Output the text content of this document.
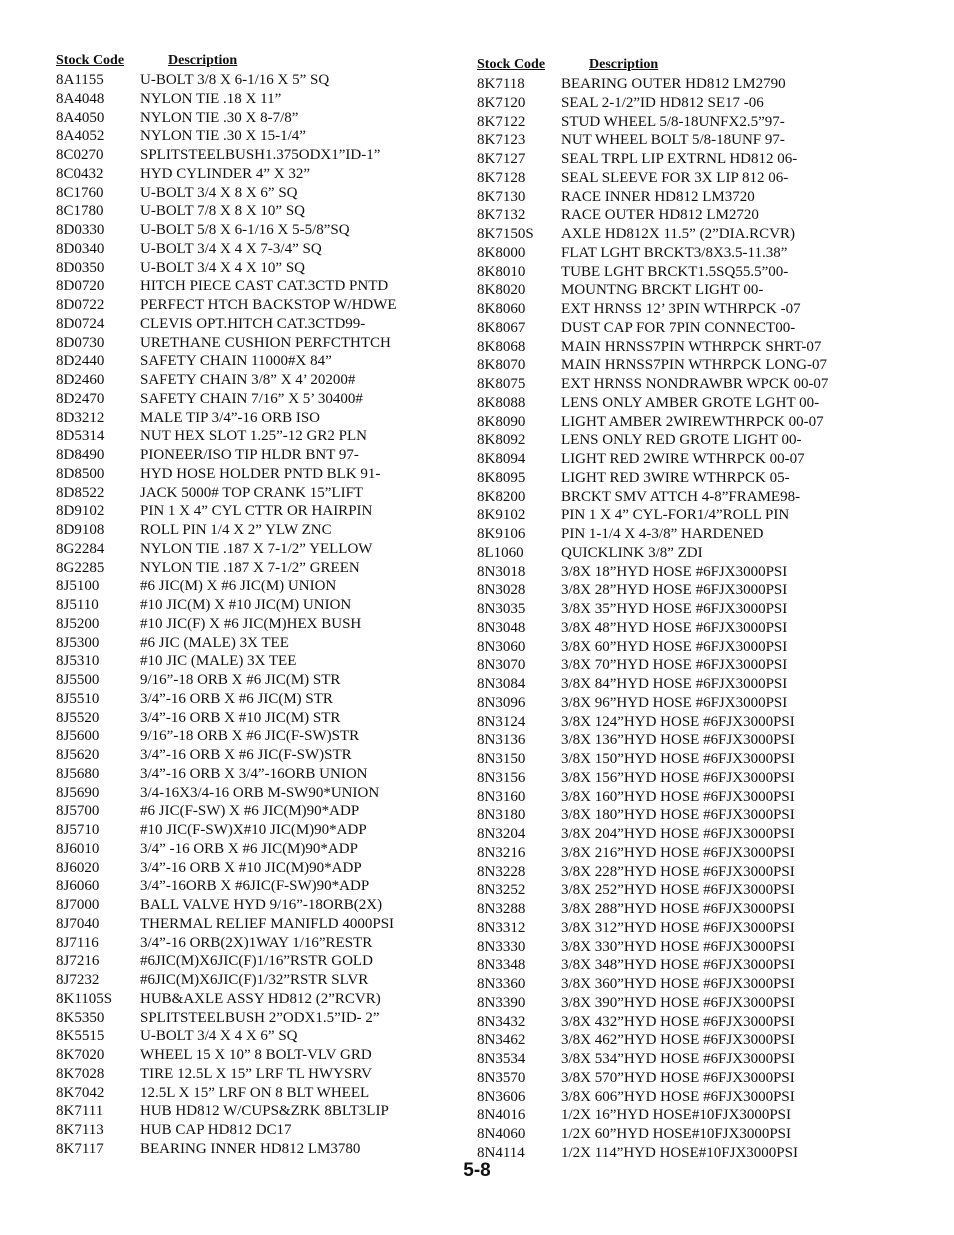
Stock Code	Description
8A1155 U-BOLT 3/8 X 6-1/16 X 5” SQ
8A4048 NYLON TIE .18 X 11”
8A4050 NYLON TIE .30 X 8-7/8”
8A4052 NYLON TIE .30 X 15-1/4”
8C0270 SPLITSTEELBUSH1.375ODX1”ID-1”
8C0432 HYD CYLINDER 4” X 32”
8C1760 U-BOLT 3/4 X 8 X 6” SQ
8C1780 U-BOLT 7/8 X 8 X 10” SQ
8D0330 U-BOLT 5/8 X 6-1/16 X 5-5/8”SQ
8D0340 U-BOLT 3/4 X 4 X 7-3/4” SQ
8D0350 U-BOLT 3/4 X 4 X 10” SQ
8D0720 HITCH PIECE CAST CAT.3CTD PNTD
8D0722 PERFECT HTCH BACKSTOP W/HDWE
8D0724 CLEVIS OPT.HITCH CAT.3CTD99-
8D0730 URETHANE CUSHION PERFCTHTCH
8D2440 SAFETY CHAIN 11000#X 84”
8D2460 SAFETY CHAIN 3/8” X 4’ 20200#
8D2470 SAFETY CHAIN 7/16” X 5’ 30400#
8D3212 MALE TIP 3/4”-16 ORB ISO
8D5314 NUT HEX SLOT 1.25”-12 GR2 PLN
8D8490 PIONEER/ISO TIP HLDR BNT 97-
8D8500 HYD HOSE HOLDER PNTD BLK 91-
8D8522 JACK 5000# TOP CRANK 15”LIFT
8D9102 PIN 1 X 4” CYL CTTR OR HAIRPIN
8D9108 ROLL PIN 1/4 X 2” YLW ZNC
8G2284 NYLON TIE .187 X 7-1/2” YELLOW
8G2285 NYLON TIE .187 X 7-1/2” GREEN
8J5100	#6 JIC(M) X #6 JIC(M) UNION
8J5110	#10 JIC(M) X #10 JIC(M) UNION
8J5200	#10 JIC(F) X #6 JIC(M)HEX BUSH
8J5300	#6 JIC (MALE) 3X TEE
8J5310	#10 JIC (MALE) 3X TEE
8J5500	9/16”-18 ORB X #6 JIC(M) STR
8J5510	3/4”-16 ORB X #6 JIC(M) STR
8J5520	3/4”-16 ORB X #10 JIC(M) STR
8J5600	9/16”-18 ORB X #6 JIC(F-SW)STR
8J5620	3/4”-16 ORB X #6 JIC(F-SW)STR
8J5680	3/4”-16 ORB X 3/4”-16ORB UNION
8J5690	3/4-16X3/4-16 ORB M-SW90*UNION
8J5700	#6 JIC(F-SW) X #6 JIC(M)90*ADP
8J5710	#10 JIC(F-SW)X#10 JIC(M)90*ADP
8J6010	3/4” -16 ORB X #6 JIC(M)90*ADP
8J6020	3/4”-16 ORB X #10 JIC(M)90*ADP
8J6060	3/4”-16ORB X #6JIC(F-SW)90*ADP
8J7000	BALL VALVE HYD 9/16”-18ORB(2X)
8J7040	THERMAL RELIEF MANIFLD 4000PSI
8J7116	3/4”-16 ORB(2X)1WAY 1/16”RESTR
8J7216	#6JIC(M)X6JIC(F)1/16”RSTR GOLD
8J7232	#6JIC(M)X6JIC(F)1/32”RSTR SLVR
8K1105S HUB&AXLE ASSY HD812 (2”RCVR)
8K5350 SPLITSTEELBUSH 2”ODX1.5”ID- 2”
8K5515 U-BOLT 3/4 X 4 X 6” SQ
8K7020 WHEEL 15 X 10” 8 BOLT-VLV GRD
8K7028 TIRE 12.5L X 15” LRF TL HWYSRV
8K7042 12.5L X 15” LRF ON 8 BLT WHEEL
8K7111 HUB HD812 W/CUPS&ZRK 8BLT3LIP
8K7113 HUB CAP HD812 DC17
8K7117 BEARING INNER HD812 LM3780
Stock Code	Description
8K7118 BEARING OUTER HD812 LM2790
8K7120 SEAL 2-1/2”ID HD812 SE17 -06
8K7122 STUD WHEEL 5/8-18UNFX2.5”97-
8K7123 NUT WHEEL BOLT 5/8-18UNF 97-
8K7127 SEAL TRPL LIP EXTRNL HD812 06-
8K7128 SEAL SLEEVE FOR 3X LIP 812 06-
8K7130 RACE INNER HD812 LM3720
8K7132 RACE OUTER HD812 LM2720
8K7150S AXLE HD812X 11.5” (2”DIA.RCVR)
8K8000 FLAT LGHT BRCKT3/8X3.5-11.38”
8K8010 TUBE LGHT BRCKT1.5SQ55.5”00-
8K8020 MOUNTNG BRCKT LIGHT 00-
8K8060 EXT HRNSS 12’ 3PIN WTHRPCK -07
8K8067 DUST CAP FOR 7PIN CONNECT00-
8K8068 MAIN HRNSS7PIN WTHRPCK SHRT-07
8K8070 MAIN HRNSS7PIN WTHRPCK LONG-07
8K8075 EXT HRNSS NONDRAWBR WPCK 00-07
8K8088 LENS ONLY AMBER GROTE LGHT 00-
8K8090 LIGHT AMBER 2WIREWTHRPCK 00-07
8K8092 LENS ONLY RED GROTE LIGHT 00-
8K8094 LIGHT RED 2WIRE WTHRPCK 00-07
8K8095 LIGHT RED 3WIRE WTHRPCK 05-
8K8200 BRCKT SMV ATTCH 4-8”FRAME98-
8K9102 PIN 1 X 4” CYL-FOR1/4”ROLL PIN
8K9106 PIN 1-1/4 X 4-3/8” HARDENED
8L1060 QUICKLINK 3/8” ZDI
8N3018 3/8X 18”HYD HOSE #6FJX3000PSI
8N3028 3/8X 28”HYD HOSE #6FJX3000PSI
8N3035 3/8X 35”HYD HOSE #6FJX3000PSI
8N3048 3/8X 48”HYD HOSE #6FJX3000PSI
8N3060 3/8X 60”HYD HOSE #6FJX3000PSI
8N3070 3/8X 70”HYD HOSE #6FJX3000PSI
8N3084 3/8X 84”HYD HOSE #6FJX3000PSI
8N3096 3/8X 96”HYD HOSE #6FJX3000PSI
8N3124 3/8X 124”HYD HOSE #6FJX3000PSI
8N3136 3/8X 136”HYD HOSE #6FJX3000PSI
8N3150 3/8X 150”HYD HOSE #6FJX3000PSI
8N3156 3/8X 156”HYD HOSE #6FJX3000PSI
8N3160 3/8X 160”HYD HOSE #6FJX3000PSI
8N3180 3/8X 180”HYD HOSE #6FJX3000PSI
8N3204 3/8X 204”HYD HOSE #6FJX3000PSI
8N3216 3/8X 216”HYD HOSE #6FJX3000PSI
8N3228 3/8X 228”HYD HOSE #6FJX3000PSI
8N3252 3/8X 252”HYD HOSE #6FJX3000PSI
8N3288 3/8X 288”HYD HOSE #6FJX3000PSI
8N3312 3/8X 312”HYD HOSE #6FJX3000PSI
8N3330 3/8X 330”HYD HOSE #6FJX3000PSI
8N3348 3/8X 348”HYD HOSE #6FJX3000PSI
8N3360 3/8X 360”HYD HOSE #6FJX3000PSI
8N3390 3/8X 390”HYD HOSE #6FJX3000PSI
8N3432 3/8X 432”HYD HOSE #6FJX3000PSI
8N3462 3/8X 462”HYD HOSE #6FJX3000PSI
8N3534 3/8X 534”HYD HOSE #6FJX3000PSI
8N3570 3/8X 570”HYD HOSE #6FJX3000PSI
8N3606 3/8X 606”HYD HOSE #6FJX3000PSI
8N4016 1/2X 16”HYD HOSE#10FJX3000PSI
8N4060 1/2X 60”HYD HOSE#10FJX3000PSI
8N4114 1/2X 114”HYD HOSE#10FJX3000PSI
5-8
